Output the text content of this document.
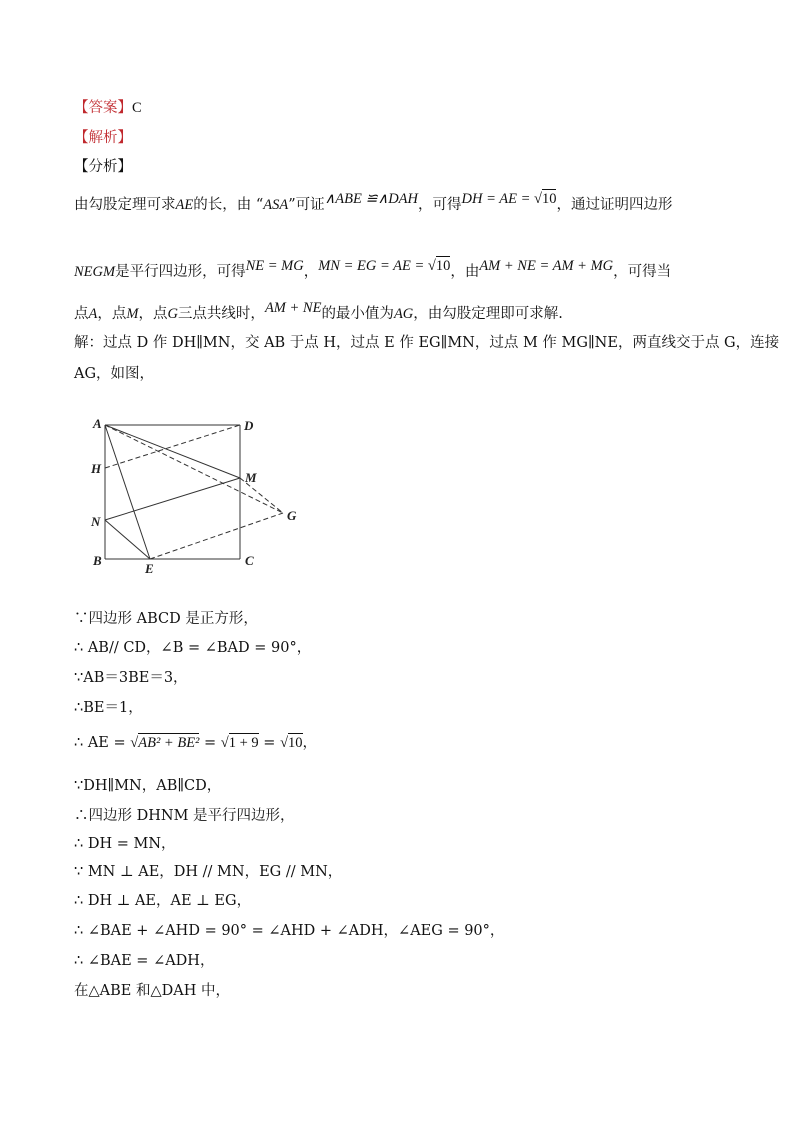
【答案】C
【解析】
【分析】
由勾股定理可求AE的长，由 “ASA”可证∧ABE ≌∧DAH，可得DH = AE = √10，通过证明四边形
NEGM是平行四边形，可得NE = MG，MN = EG = AE = √10，由AM + NE = AM + MG，可得当
点A，点M，点G三点共线时，AM + NE的最小值为AG，由勾股定理即可求解.
解：过点 D 作 DH∥MN，交 AB 于点 H，过点 E 作 EG∥MN，过点 M 作 MG∥NE，两直线交于点 G，连接
AG，如图，
A	D
H
M
N	G
B
E
C
∵四边形 ABCD 是正方形，
∴ AB// CD，∠B = ∠BAD = 90°，
∵AB＝3BE＝3，
∴BE＝1，
∴ AE = √AB² + BE² = √1 + 9 = √10，
∵DH∥MN，AB∥CD，
∴四边形 DHNM 是平行四边形，
∴ DH = MN，
∵ MN ⊥ AE，DH // MN，EG // MN，
∴ DH ⊥ AE，AE ⊥ EG，
∴ ∠BAE + ∠AHD = 90° = ∠AHD + ∠ADH，∠AEG = 90°，
∴ ∠BAE = ∠ADH，
在△ABE 和△DAH 中，
